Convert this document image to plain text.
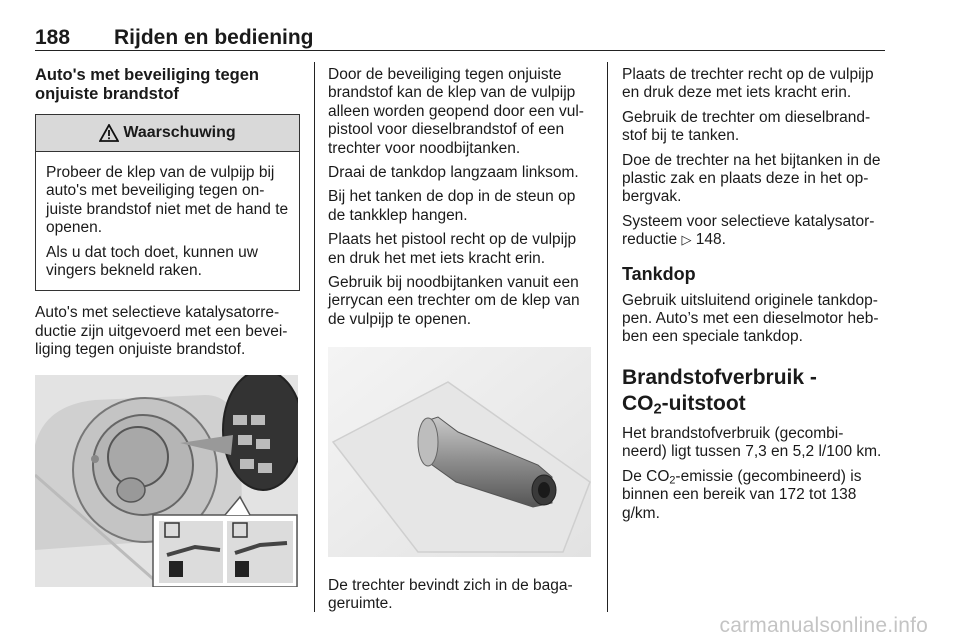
188 Rijden en bediening
Auto's met beveiliging tegen onjuiste brandstof
Waarschuwing

Probeer de klep van de vulpijp bij auto's met beveiliging tegen on-juiste brandstof niet met de hand te openen.

Als u dat toch doet, kunnen uw vingers bekneld raken.

Auto's met selectieve katalysatorre-ductie zijn uitgevoerd met een bevei-liging tegen onjuiste brandstof.

Door de beveiliging tegen onjuiste brandstof kan de klep van de vulpijp alleen worden geopend door een vul-pistool voor dieselbrandstof of een trechter voor noodbijtanken.

Draai de tankdop langzaam linksom.

Bij het tanken de dop in de steun op de tankklep hangen.

Plaats het pistool recht op de vulpijp en druk het met iets kracht erin.

Gebruik bij noodbijtanken vanuit een jerrycan een trechter om de klep van de vulpijp te openen.

De trechter bevindt zich in de baga-geruimte.

Plaats de trechter recht op de vulpijp en druk deze met iets kracht erin.

Gebruik de trechter om dieselbrand-stof bij te tanken.

Doe de trechter na het bijtanken in de plastic zak en plaats deze in het op-bergvak.

Systeem voor selectieve katalysator-reductie ▷ 148.

Tankdop

Gebruik uitsluitend originele tankdop-pen. Auto’s met een dieselmotor heb-ben een speciale tankdop.

Brandstofverbruik -
$CO_2$-uitstoot

Het brandstofverbruik (gecombi-neerd) ligt tussen 7,3 en 5,2 l/100 km.

De $CO_2$-emissie (gecombineerd) is binnen een bereik van 172 tot 138 g/km.

carmanualsonline.info
